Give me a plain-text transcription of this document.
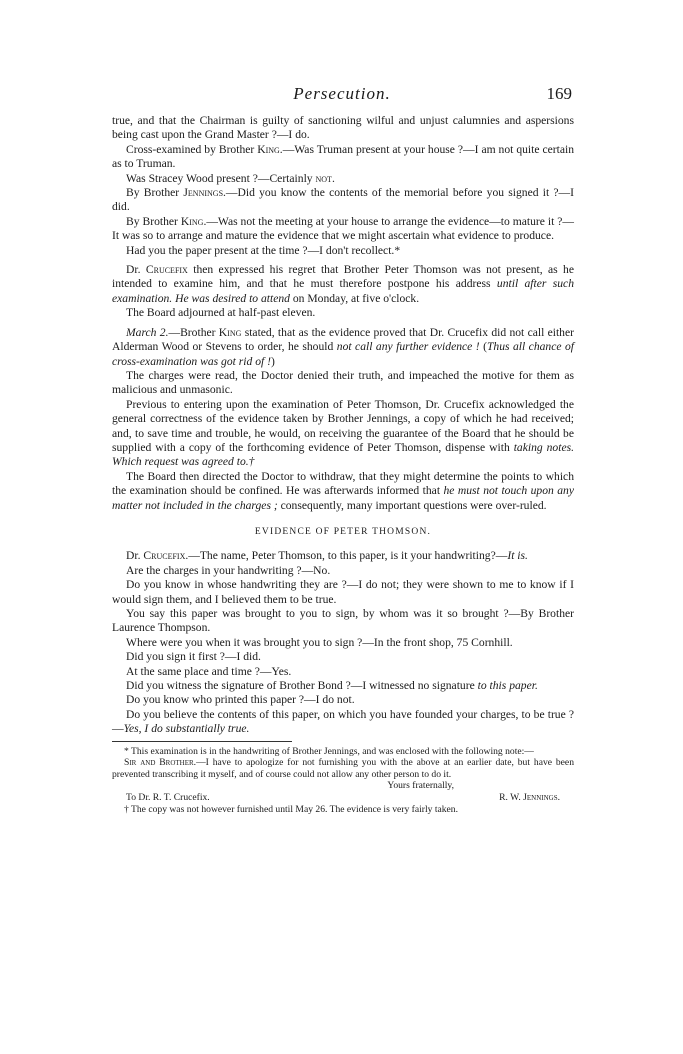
Persecution.	169

true, and that the Chairman is guilty of sanctioning wilful and unjust calumnies and aspersions being cast upon the Grand Master ?—I do.

Cross-examined by Brother King.—Was Truman present at your house ?—I am not quite certain as to Truman.

Was Stracey Wood present ?—Certainly not.

By Brother Jennings.—Did you know the contents of the memorial before you signed it ?—I did.

By Brother King.—Was not the meeting at your house to arrange the evidence—to mature it ?—It was so to arrange and mature the evidence that we might ascertain what evidence to produce.

Had you the paper present at the time ?—I don't recollect.*

Dr. Crucefix then expressed his regret that Brother Peter Thomson was not present, as he intended to examine him, and that he must therefore postpone his address until after such examination. He was desired to attend on Monday, at five o'clock.

The Board adjourned at half-past eleven.

March 2.—Brother King stated, that as the evidence proved that Dr. Crucefix did not call either Alderman Wood or Stevens to order, he should not call any further evidence ! (Thus all chance of cross-examination was got rid of !)

The charges were read, the Doctor denied their truth, and impeached the motive for them as malicious and unmasonic.

Previous to entering upon the examination of Peter Thomson, Dr. Crucefix acknowledged the general correctness of the evidence taken by Brother Jennings, a copy of which he had received; and, to save time and trouble, he would, on receiving the guarantee of the Board that he should be supplied with a copy of the forthcoming evidence of Peter Thomson, dispense with taking notes. Which request was agreed to.†

The Board then directed the Doctor to withdraw, that they might determine the points to which the examination should be confined. He was afterwards informed that he must not touch upon any matter not included in the charges ; consequently, many important questions were over-ruled.

EVIDENCE OF PETER THOMSON.

Dr. Crucefix.—The name, Peter Thomson, to this paper, is it your handwriting?—It is.

Are the charges in your handwriting ?—No.

Do you know in whose handwriting they are ?—I do not; they were shown to me to know if I would sign them, and I believed them to be true.

You say this paper was brought to you to sign, by whom was it so brought ?—By Brother Laurence Thompson.

Where were you when it was brought you to sign ?—In the front shop, 75 Cornhill.

Did you sign it first ?—I did.

At the same place and time ?—Yes.

Did you witness the signature of Brother Bond ?—I witnessed no signature to this paper.

Do you know who printed this paper ?—I do not.

Do you believe the contents of this paper, on which you have founded your charges, to be true ?—Yes, I do substantially true.

* This examination is in the handwriting of Brother Jennings, and was enclosed with the following note:—

Sir and Brother.—I have to apologize for not furnishing you with the above at an earlier date, but have been prevented transcribing it myself, and of course could not allow any other person to do it.

Yours fraternally,
To Dr. R. T. Crucefix.	R. W. Jennings.

† The copy was not however furnished until May 26. The evidence is very fairly taken.
